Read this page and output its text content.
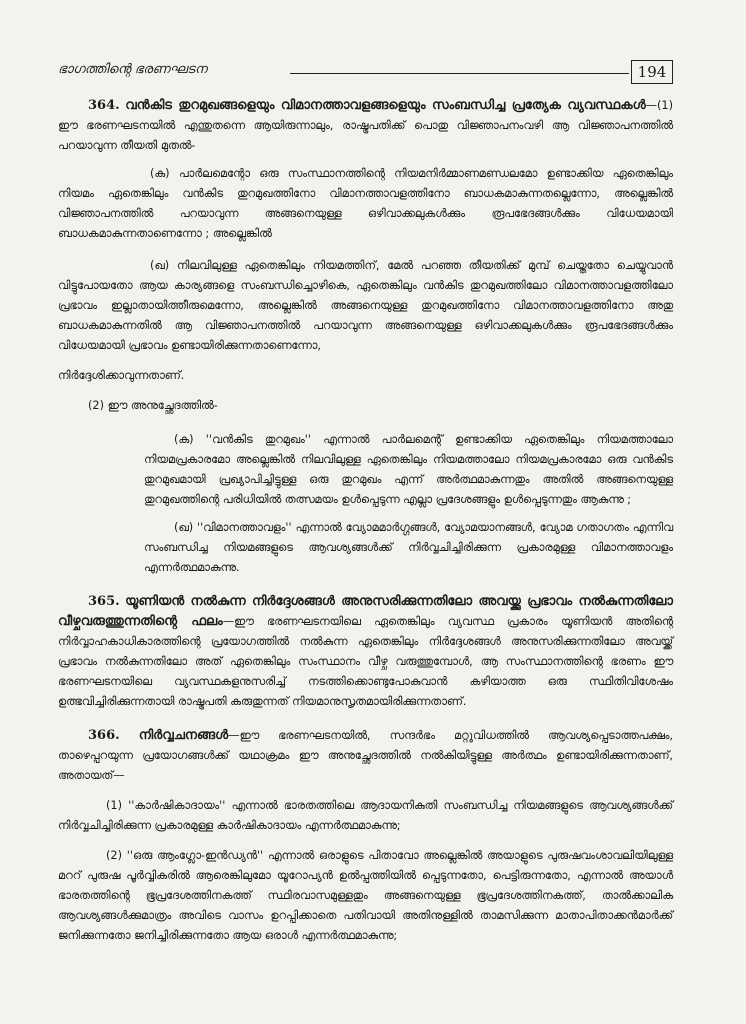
ഭാഗത്തിന്റെ ഭരണഘടന	194

364. വൻകിട തുറമുഖങ്ങളെയും വിമാനത്താവളങ്ങളെയും സംബന്ധിച്ച പ്രത്യേക വ്യവസ്ഥകൾ—(1) ഈ ഭരണഘടനയിൽ എന്തുതന്നെ ആയിരുന്നാലും, രാഷ്ട്രപതിക്ക് പൊതു വിജ്ഞാപനംവഴി ആ വിജ്ഞാപനത്തിൽ പറയാവുന്ന തീയതി മുതൽ-

(ക) പാർലമെന്റോ ഒരു സംസ്ഥാനത്തിന്റെ നിയമനിർമ്മാണമണ്ഡലമോ ഉണ്ടാക്കിയ ഏതെങ്കിലും നിയമം ഏതെങ്കിലും വൻകിട തുറമുഖത്തിനോ വിമാനത്താവളത്തിനോ ബാധകമാകുന്നതല്ലെന്നോ, അല്ലെങ്കിൽ വിജ്ഞാപനത്തിൽ പറയാവുന്ന അങ്ങനെയുള്ള ഒഴിവാക്കലുകൾക്കും രൂപഭേദങ്ങൾക്കും വിധേയമായി ബാധകമാകുന്നതാണെന്നോ ; അല്ലെങ്കിൽ

(ഖ) നിലവിലുള്ള ഏതെങ്കിലും നിയമത്തിന്, മേൽ പറഞ്ഞ തീയതിക്ക് മുമ്പ് ചെയ്തതോ ചെയ്യുവാൻ വിട്ടുപോയതോ ആയ കാര്യങ്ങളെ സംബന്ധിച്ചൊഴികെ, ഏതെങ്കിലും വൻകിട തുറമുഖത്തിലോ വിമാനത്താവളത്തിലോ പ്രഭാവം ഇല്ലാതായിത്തീരുമെന്നോ, അല്ലെങ്കിൽ അങ്ങനെയുള്ള തുറമുഖത്തിനോ വിമാനത്താവളത്തിനോ അതു ബാധകമാകുന്നതിൽ ആ വിജ്ഞാപനത്തിൽ പറയാവുന്ന അങ്ങനെയുള്ള ഒഴിവാക്കലുകൾക്കും രൂപഭേദങ്ങൾക്കും വിധേയമായി പ്രഭാവം ഉണ്ടായിരിക്കുന്നതാണെന്നോ,

നിർദ്ദേശിക്കാവുന്നതാണ്.

(2) ഈ അനുച്ഛേദത്തിൽ-

(ക) ''വൻകിട തുറമുഖം'' എന്നാൽ പാർലമെന്റ് ഉണ്ടാക്കിയ ഏതെങ്കിലും നിയമത്താലോ നിയമപ്രകാരമോ അല്ലെങ്കിൽ നിലവിലുള്ള ഏതെങ്കിലും നിയമത്താലോ നിയമപ്രകാരമോ ഒരു വൻകിട തുറമുഖമായി പ്രഖ്യാപിച്ചിട്ടുള്ള ഒരു തുറമുഖം എന്ന് അർത്ഥമാകുന്നതും അതിൽ അങ്ങനെയുള്ള തുറമുഖത്തിന്റെ പരിധിയിൽ തത്സമയം ഉൾപ്പെടുന്ന എല്ലാ പ്രദേശങ്ങളും ഉൾപ്പെടുന്നതും ആകുന്നു ;

(ഖ) ''വിമാനത്താവളം'' എന്നാൽ വ്യോമമാർഗ്ഗങ്ങൾ, വ്യോമയാനങ്ങൾ, വ്യോമ ഗതാഗതം എന്നിവ സംബന്ധിച്ച നിയമങ്ങളുടെ ആവശ്യങ്ങൾക്ക് നിർവ്വചിച്ചിരിക്കുന്ന പ്രകാരമുള്ള വിമാനത്താവളം എന്നർത്ഥമാകുന്നു.

365. യൂണിയൻ നൽകുന്ന നിർദ്ദേശങ്ങൾ അനുസരിക്കുന്നതിലോ അവയ്ക്കു പ്രഭാവം നൽകുന്നതിലോ വീഴ്ചവരുത്തുന്നതിന്റെ ഫലം—ഈ ഭരണഘടനയിലെ ഏതെങ്കിലും വ്യവസ്ഥ പ്രകാരം യൂണിയൻ അതിന്റെ നിർവ്വാഹകാധികാരത്തിന്റെ പ്രയോഗത്തിൽ നൽകുന്ന ഏതെങ്കിലും നിർദ്ദേശങ്ങൾ അനുസരിക്കുന്നതിലോ അവയ്ക്ക് പ്രഭാവം നൽകുന്നതിലോ അത് ഏതെങ്കിലും സംസ്ഥാനം വീഴ്ച വരുത്തുമ്പോൾ, ആ സംസ്ഥാനത്തിന്റെ ഭരണം ഈ ഭരണഘടനയിലെ വ്യവസ്ഥകളനുസരിച്ച് നടത്തിക്കൊണ്ടുപോകുവാൻ കഴിയാത്ത ഒരു സ്ഥിതിവിശേഷം ഉത്ഭവിച്ചിരിക്കുന്നതായി രാഷ്ട്രപതി കരുതുന്നത് നിയമാനുസൃതമായിരിക്കുന്നതാണ്.

366. നിർവ്വചനങ്ങൾ—ഈ ഭരണഘടനയിൽ, സന്ദർഭം മറ്റുവിധത്തിൽ ആവശ്യപ്പെടാത്തപക്ഷം, താഴെപ്പറയുന്ന പ്രയോഗങ്ങൾക്ക് യഥാക്രമം ഈ അനുച്ഛേദത്തിൽ നൽകിയിട്ടുള്ള അർത്ഥം ഉണ്ടായിരിക്കുന്നതാണ്, അതായത്—

(1) ''കാർഷികാദായം'' എന്നാൽ ഭാരതത്തിലെ ആദായനികുതി സംബന്ധിച്ച നിയമങ്ങളുടെ ആവശ്യങ്ങൾക്ക് നിർവ്വചിച്ചിരിക്കുന്ന പ്രകാരമുള്ള കാർഷികാദായം എന്നർത്ഥമാകുന്നു;

(2) ''ഒരു ആംഗ്ലോ-ഇൻഡ്യൻ'' എന്നാൽ ഒരാളുടെ പിതാവോ അല്ലെങ്കിൽ അയാളുടെ പുരുഷവംശാവലിയിലുള്ള മററ് പുരുഷ പൂർവ്വികരിൽ ആരെങ്കിലുമോ യൂറോപ്യൻ ഉൽപ്പത്തിയിൽ പ്പെടുന്നതോ, പെട്ടിരുന്നതോ, എന്നാൽ അയാൾ ഭാരതത്തിന്റെ ഭൂപ്രദേശത്തിനകത്ത് സ്ഥിരവാസമുള്ളതും അങ്ങനെയുള്ള ഭൂപ്രദേശത്തിനകത്ത്, താൽക്കാലിക ആവശ്യങ്ങൾക്കുമാത്രം അവിടെ വാസം ഉറപ്പിക്കാതെ പതിവായി അതിനുള്ളിൽ താമസിക്കുന്ന മാതാപിതാക്കൻമാർക്ക് ജനിക്കുന്നതോ ജനിച്ചിരിക്കുന്നതോ ആയ ഒരാൾ എന്നർത്ഥമാകുന്നു;
